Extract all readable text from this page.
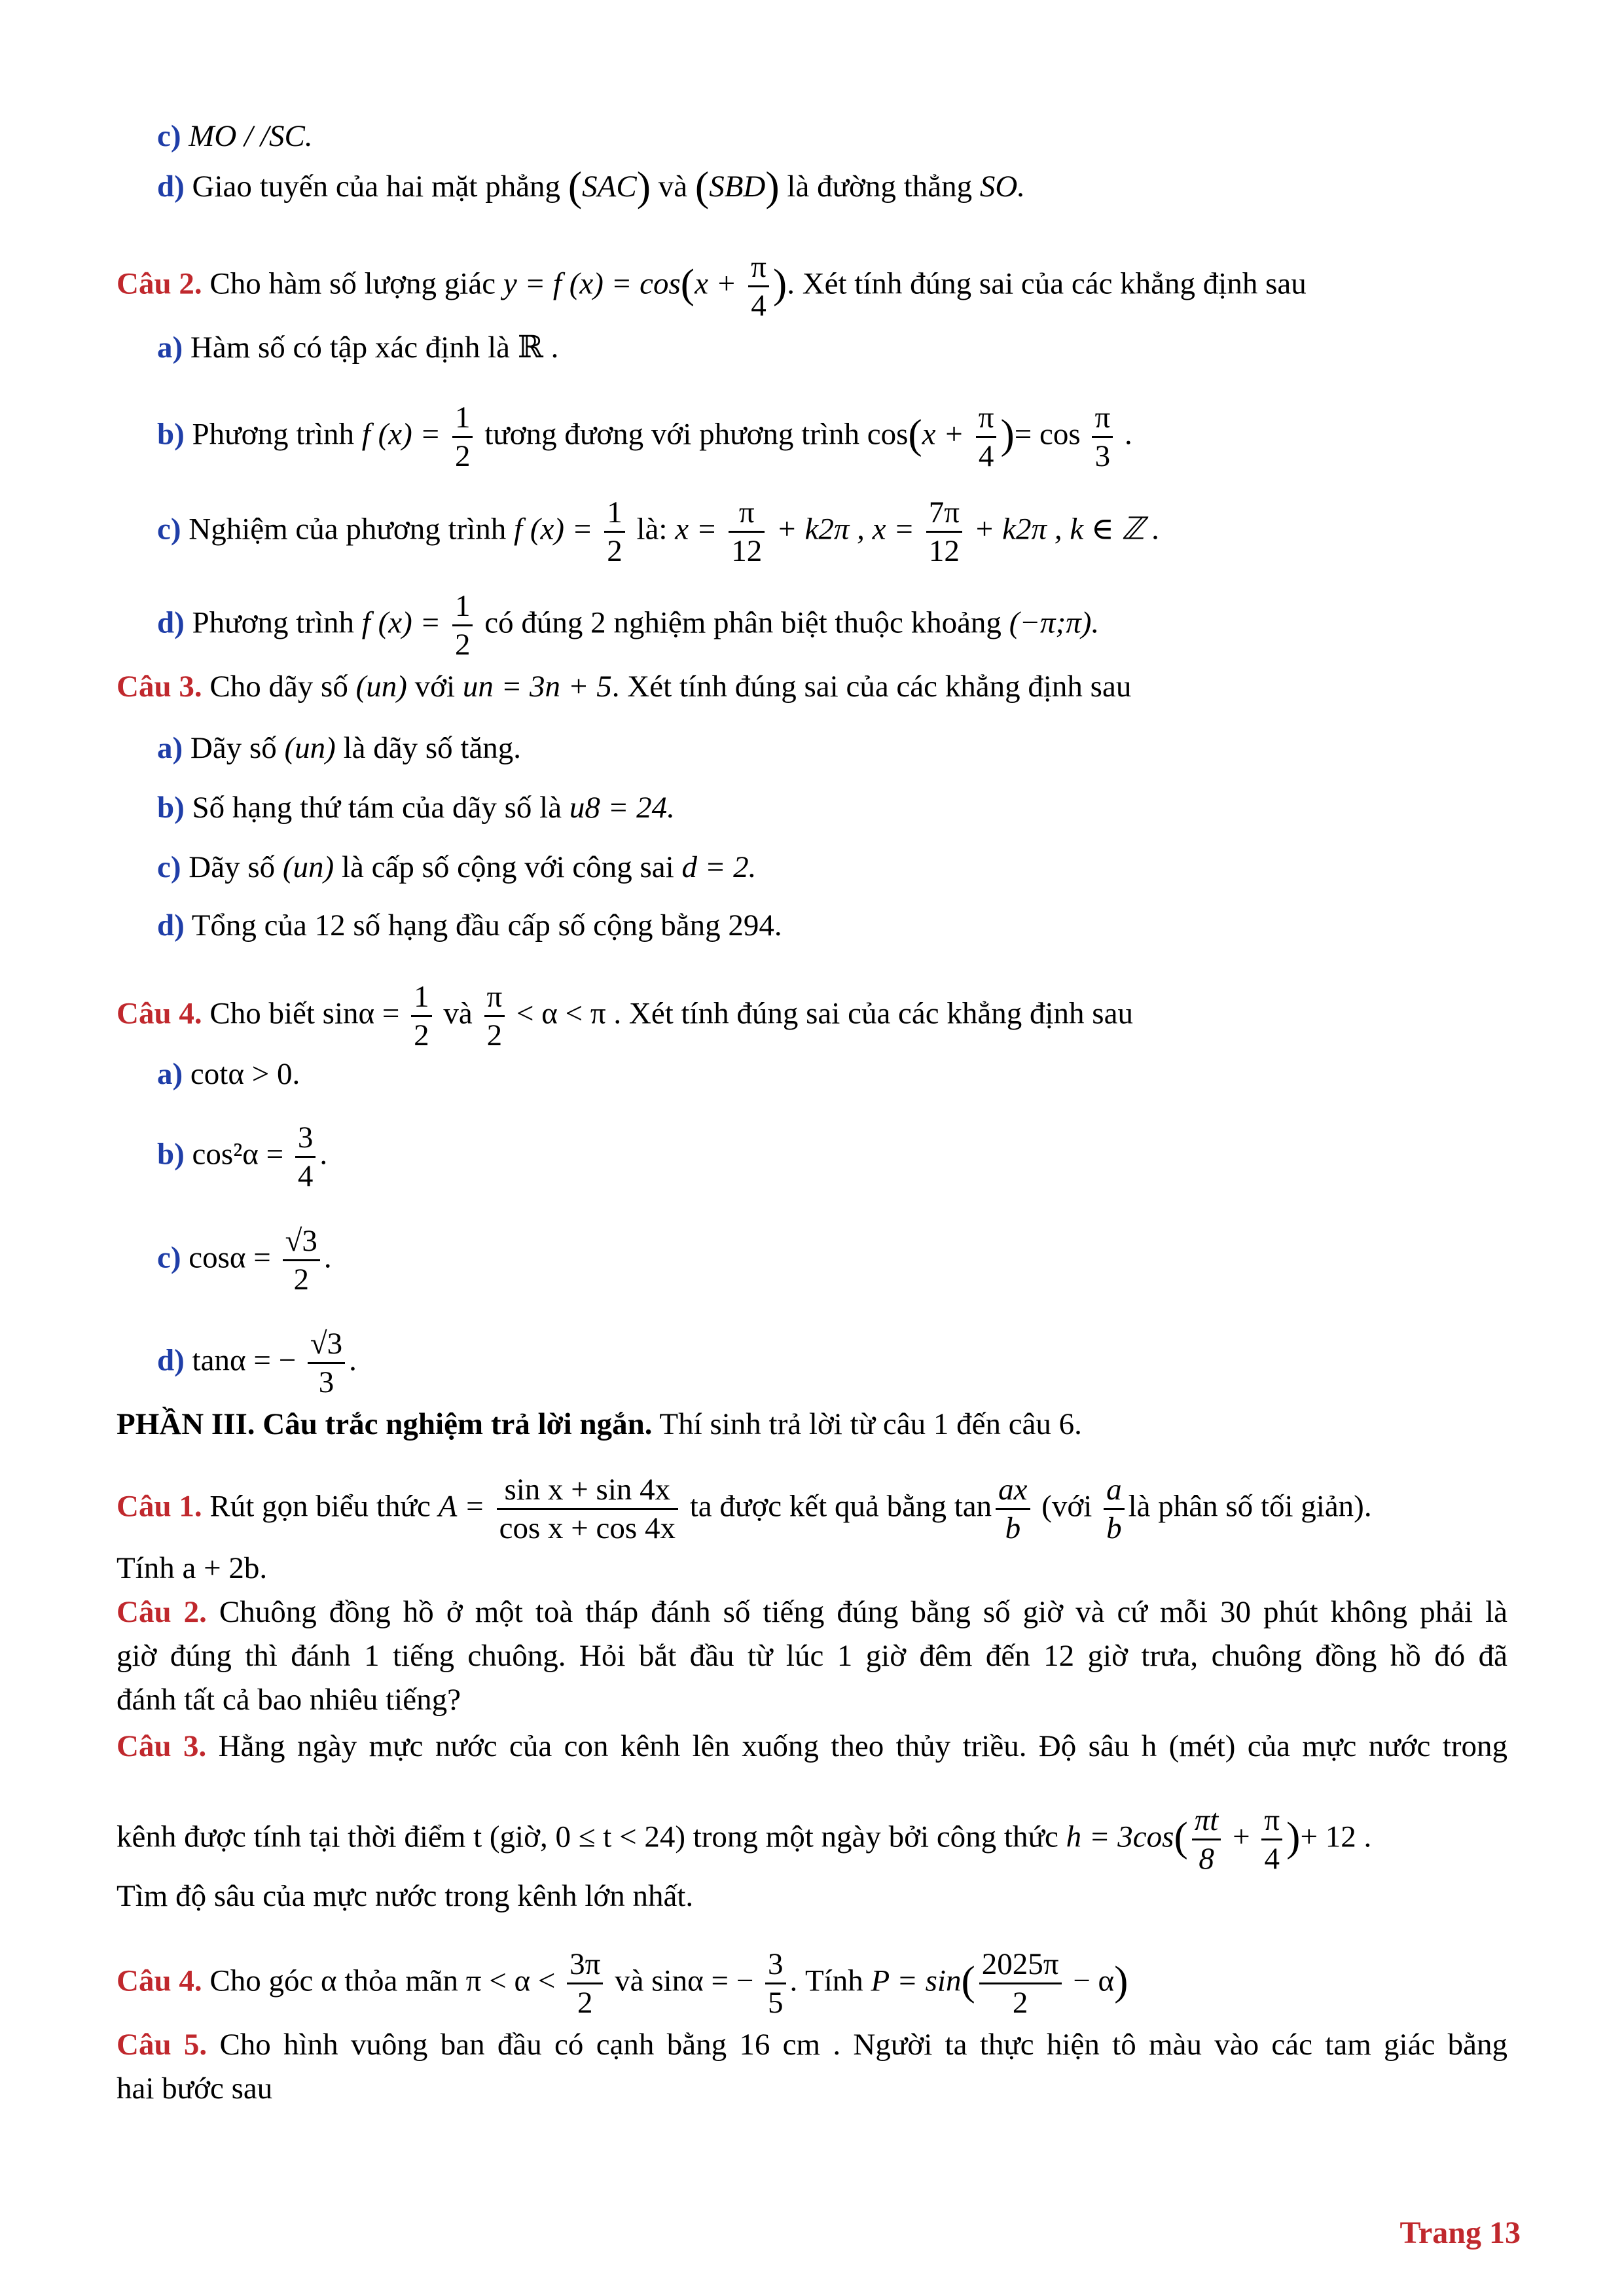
c) MO / /SC.
d) Giao tuyến của hai mặt phẳng (SAC) và (SBD) là đường thẳng SO.
Câu 2. Cho hàm số lượng giác y = f $(x) = \cos(x + \frac{\pi}{4}$ ). Xét tính đúng sai của các khẳng định sau
a) Hàm số có tập xác định là ℝ .
b) Phương trình f $(x) = \frac{1}{2}$ tương đương với phương trình $\cos(x + \frac{\pi}{4}$ )= $\cos \frac{\pi}{3}$ .
c) Nghiệm của phương trình f $(x) = \frac{1}{2}$ là: $x = \frac{\pi}{12} + k2\pi$ , $x = \frac{7\pi}{12} + k2\pi$ , k ∈ ℤ .
d) Phương trình f $(x) = \frac{1}{2}$ có đúng 2 nghiệm phân biệt thuộc khoảng (−π;π).
Câu 3. Cho dãy số (un) với un = 3n + 5. Xét tính đúng sai của các khẳng định sau
a) Dãy số (un) là dãy số tăng.
b) Số hạng thứ tám của dãy số là u8 = 24.
c) Dãy số (un) là cấp số cộng với công sai d = 2.
d) Tổng của 12 số hạng đầu cấp số cộng bằng 294.
Câu 4. Cho biết $\sin\alpha = \frac{1}{2}$ và $\frac{\pi}{2} < \alpha < \pi$ . Xét tính đúng sai của các khẳng định sau
a) cotα > 0.
b) $\cos^2\alpha = \frac{3}{4}$ .
c) $\cos\alpha = \frac{√3}{2}$ .
d) tanα = − $\frac{√3}{3}$ .
PHẦN III. Câu trắc nghiệm trả lời ngắn. Thí sinh trả lời từ câu 1 đến câu 6.
Câu 1. Rút gọn biểu thức $A = \frac{\text{sin x + sin 4x}}{\text{cos x + cos 4x}}$ ta được kết quả bằng $\tan \frac{ax}{b}$ (với $\frac{a}{b}$ là phân số tối giản).
Tính a + 2b.
Câu 2. Chuông đồng hồ ở một toà tháp đánh số tiếng đúng bằng số giờ và cứ mỗi 30 phút không phải là
giờ đúng thì đánh 1 tiếng chuông. Hỏi bắt đầu từ lúc 1 giờ đêm đến 12 giờ trưa, chuông đồng hồ đó đã
đánh tất cả bao nhiêu tiếng?
Câu 3. Hằng ngày mực nước của con kênh lên xuống theo thủy triều. Độ sâu h (mét) của mực nước trong
kênh được tính tại thời điểm t (giờ, 0 ≤ t < 24) trong một ngày bởi công thức $h = 3\cos( \frac{\pi t}{8} + \frac{\pi}{4}$ )+ 12 .
Tìm độ sâu của mực nước trong kênh lớn nhất.
Câu 4. Cho góc α thỏa mãn $\pi < \alpha < \frac{3\pi}{2}$ và sinα = − $\frac{3}{5}$ . Tính $P = \sin( \frac{2025\pi}{2} - \alpha)$
Câu 5. Cho hình vuông ban đầu có cạnh bằng 16 cm . Người ta thực hiện tô màu vào các tam giác bằng
hai bước sau
Trang 13
